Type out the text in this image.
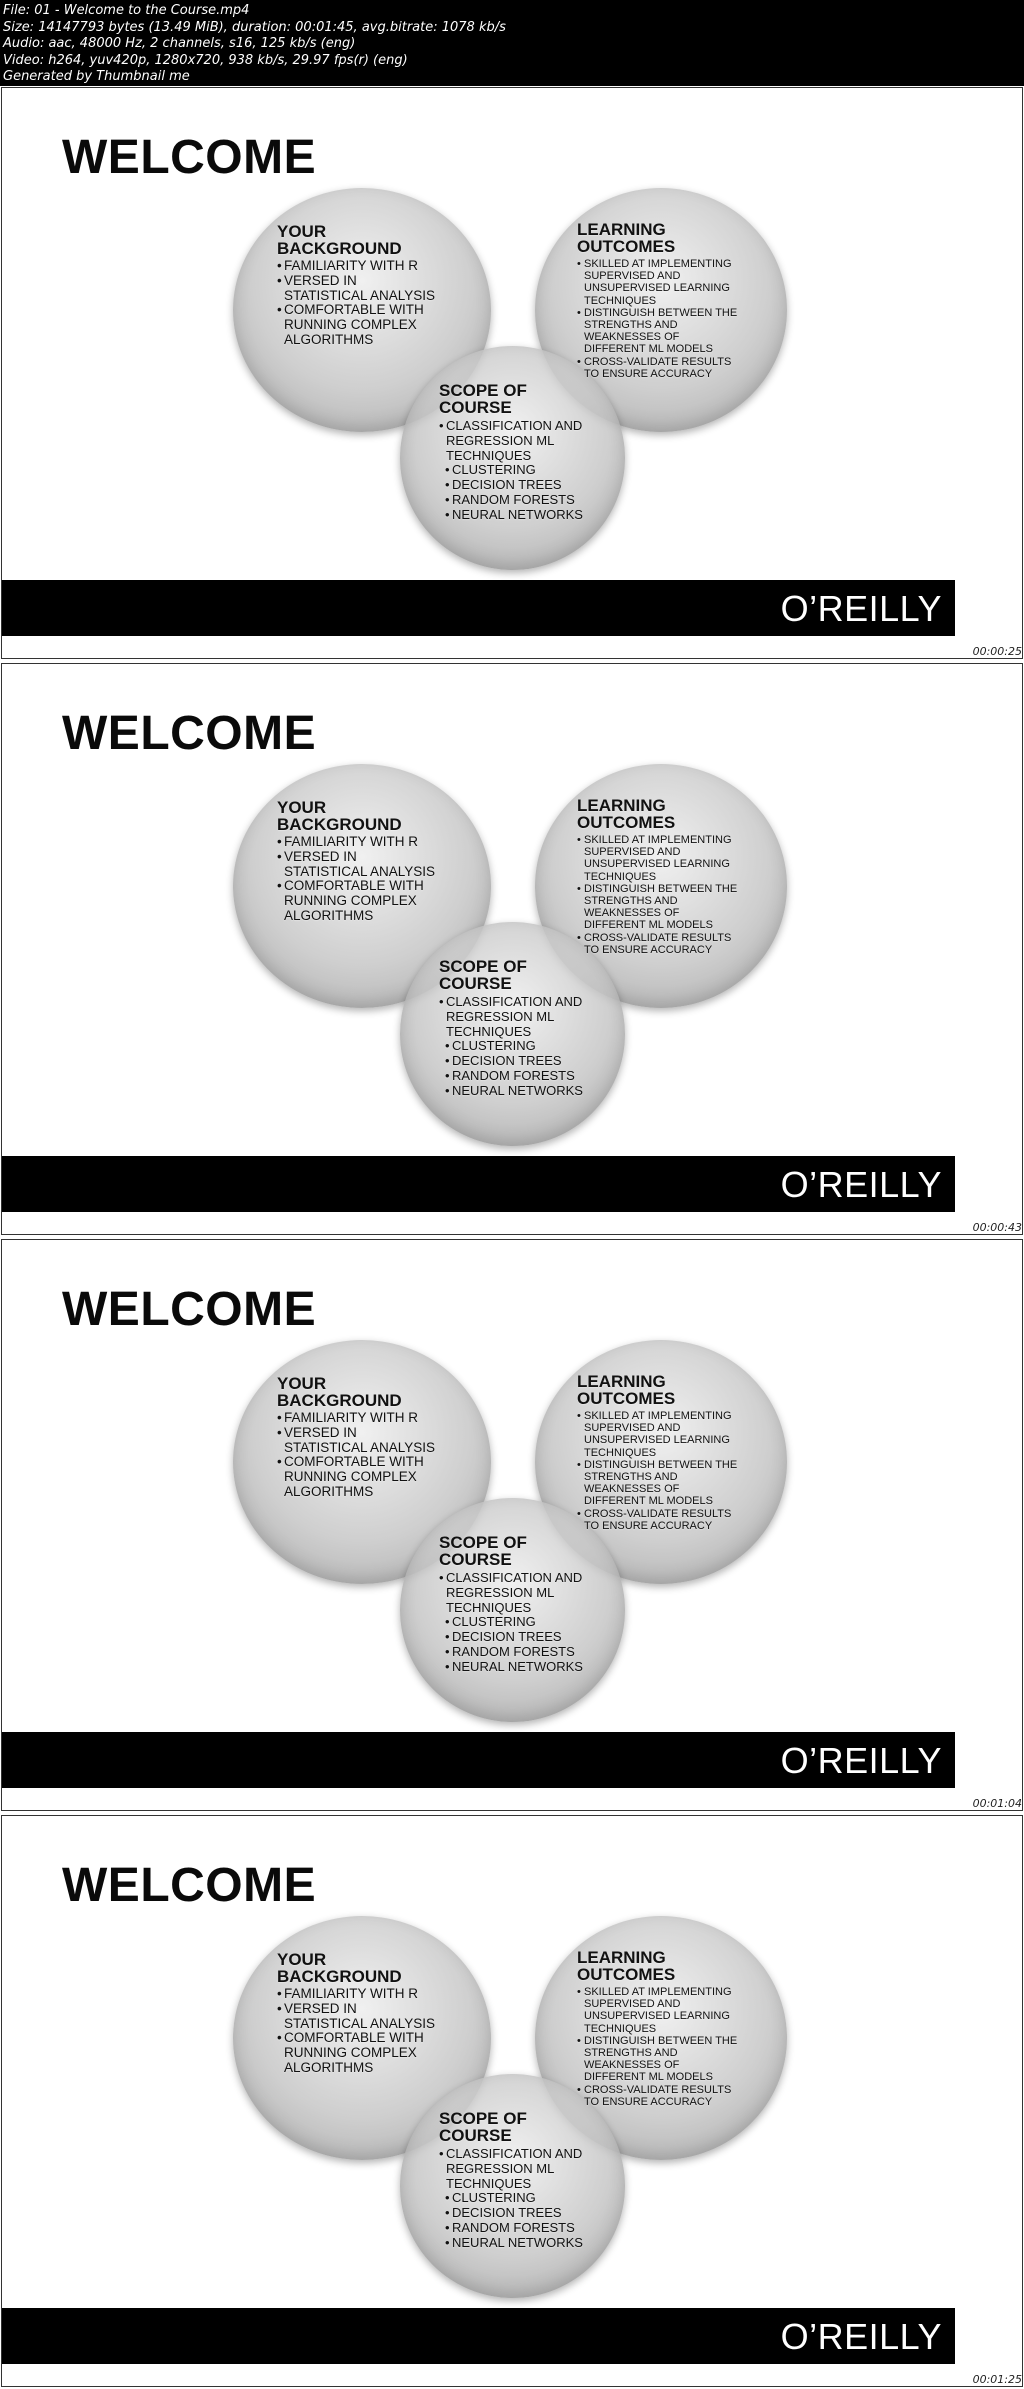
File: 01 - Welcome to the Course.mp4
Size: 14147793 bytes (13.49 MiB), duration: 00:01:45, avg.bitrate: 1078 kb/s
Audio: aac, 48000 Hz, 2 channels, s16, 125 kb/s (eng)
Video: h264, yuv420p, 1280x720, 938 kb/s, 29.97 fps(r) (eng)
Generated by Thumbnail me
WELCOME
YOUR
BACKGROUND
• FAMILIARITY WITH R
• VERSED IN
STATISTICAL ANALYSIS
• COMFORTABLE WITH
RUNNING COMPLEX
ALGORITHMS
LEARNING
OUTCOMES
• SKILLED AT IMPLEMENTING
SUPERVISED AND
UNSUPERVISED LEARNING
TECHNIQUES
• DISTINGUISH BETWEEN THE
STRENGTHS AND
WEAKNESSES OF
DIFFERENT ML MODELS
• CROSS-VALIDATE RESULTS
TO ENSURE ACCURACY
SCOPE OF
COURSE
• CLASSIFICATION AND
REGRESSION ML
TECHNIQUES
• CLUSTERING
• DECISION TREES
• RANDOM FORESTS
• NEURAL NETWORKS
O’REILLY
00:00:25
WELCOME
YOUR
BACKGROUND
• FAMILIARITY WITH R
• VERSED IN
STATISTICAL ANALYSIS
• COMFORTABLE WITH
RUNNING COMPLEX
ALGORITHMS
LEARNING
OUTCOMES
• SKILLED AT IMPLEMENTING
SUPERVISED AND
UNSUPERVISED LEARNING
TECHNIQUES
• DISTINGUISH BETWEEN THE
STRENGTHS AND
WEAKNESSES OF
DIFFERENT ML MODELS
• CROSS-VALIDATE RESULTS
TO ENSURE ACCURACY
SCOPE OF
COURSE
• CLASSIFICATION AND
REGRESSION ML
TECHNIQUES
• CLUSTERING
• DECISION TREES
• RANDOM FORESTS
• NEURAL NETWORKS
O’REILLY
00:00:43
WELCOME
YOUR
BACKGROUND
• FAMILIARITY WITH R
• VERSED IN
STATISTICAL ANALYSIS
• COMFORTABLE WITH
RUNNING COMPLEX
ALGORITHMS
LEARNING
OUTCOMES
• SKILLED AT IMPLEMENTING
SUPERVISED AND
UNSUPERVISED LEARNING
TECHNIQUES
• DISTINGUISH BETWEEN THE
STRENGTHS AND
WEAKNESSES OF
DIFFERENT ML MODELS
• CROSS-VALIDATE RESULTS
TO ENSURE ACCURACY
SCOPE OF
COURSE
• CLASSIFICATION AND
REGRESSION ML
TECHNIQUES
• CLUSTERING
• DECISION TREES
• RANDOM FORESTS
• NEURAL NETWORKS
O’REILLY
00:01:04
WELCOME
YOUR
BACKGROUND
• FAMILIARITY WITH R
• VERSED IN
STATISTICAL ANALYSIS
• COMFORTABLE WITH
RUNNING COMPLEX
ALGORITHMS
LEARNING
OUTCOMES
• SKILLED AT IMPLEMENTING
SUPERVISED AND
UNSUPERVISED LEARNING
TECHNIQUES
• DISTINGUISH BETWEEN THE
STRENGTHS AND
WEAKNESSES OF
DIFFERENT ML MODELS
• CROSS-VALIDATE RESULTS
TO ENSURE ACCURACY
SCOPE OF
COURSE
• CLASSIFICATION AND
REGRESSION ML
TECHNIQUES
• CLUSTERING
• DECISION TREES
• RANDOM FORESTS
• NEURAL NETWORKS
O’REILLY
00:01:25
